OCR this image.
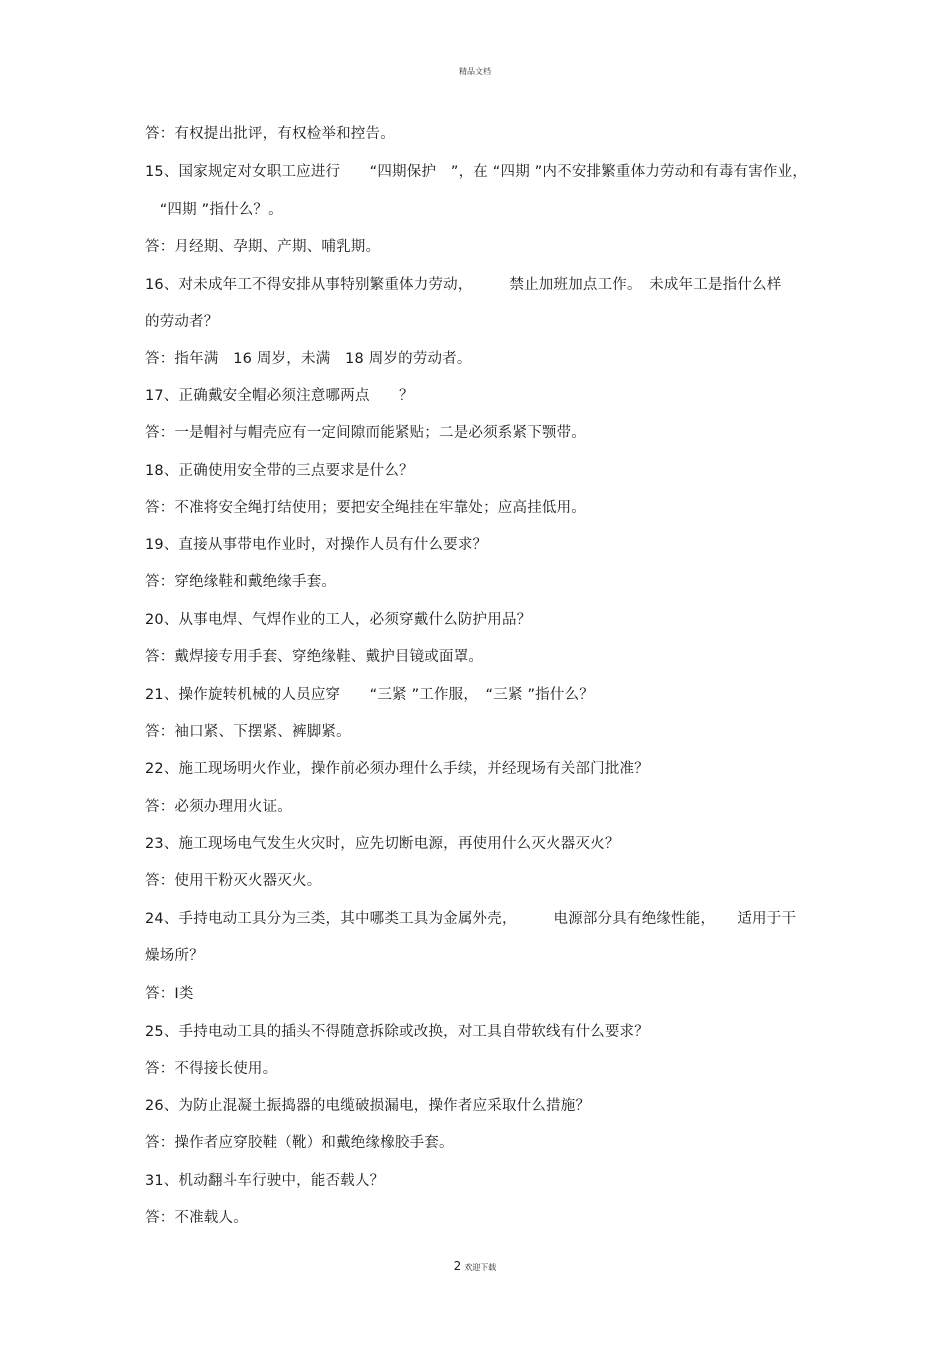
精品文档
答：有权提出批评，有权检举和控告。
15、国家规定对女职工应进行　　“四期保护　”，在 “四期 ”内不安排繁重体力劳动和有毒有害作业，
　“四期 ”指什么？。
答：月经期、孕期、产期、哺乳期。
16、对未成年工不得安排从事特别繁重体力劳动，　　　禁止加班加点工作。　未成年工是指什么样
的劳动者？
答：指年满　16 周岁，未满　18 周岁的劳动者。
17、正确戴安全帽必须注意哪两点　　？
答：一是帽衬与帽壳应有一定间隙而能紧贴；二是必须系紧下颚带。
18、正确使用安全带的三点要求是什么？
答：不准将安全绳打结使用；要把安全绳挂在牢靠处；应高挂低用。
19、直接从事带电作业时，对操作人员有什么要求？
答：穿绝缘鞋和戴绝缘手套。
20、从事电焊、气焊作业的工人，必须穿戴什么防护用品？
答：戴焊接专用手套、穿绝缘鞋、戴护目镜或面罩。
21、操作旋转机械的人员应穿　　“三紧 ”工作服，　“三紧 ”指什么？
答：袖口紧、下摆紧、裤脚紧。
22、施工现场明火作业，操作前必须办理什么手续，并经现场有关部门批准？
答：必须办理用火证。
23、施工现场电气发生火灾时，应先切断电源，再使用什么灭火器灭火？
答：使用干粉灭火器灭火。
24、手持电动工具分为三类，其中哪类工具为金属外壳，　　　电源部分具有绝缘性能，　　适用于干
燥场所？
答：Ⅰ类
25、手持电动工具的插头不得随意拆除或改换，对工具自带软线有什么要求？
答：不得接长使用。
26、为防止混凝土振捣器的电缆破损漏电，操作者应采取什么措施？
答：操作者应穿胶鞋（靴）和戴绝缘橡胶手套。
31、机动翻斗车行驶中，能否载人？
答：不准载人。
2 欢迎下载
